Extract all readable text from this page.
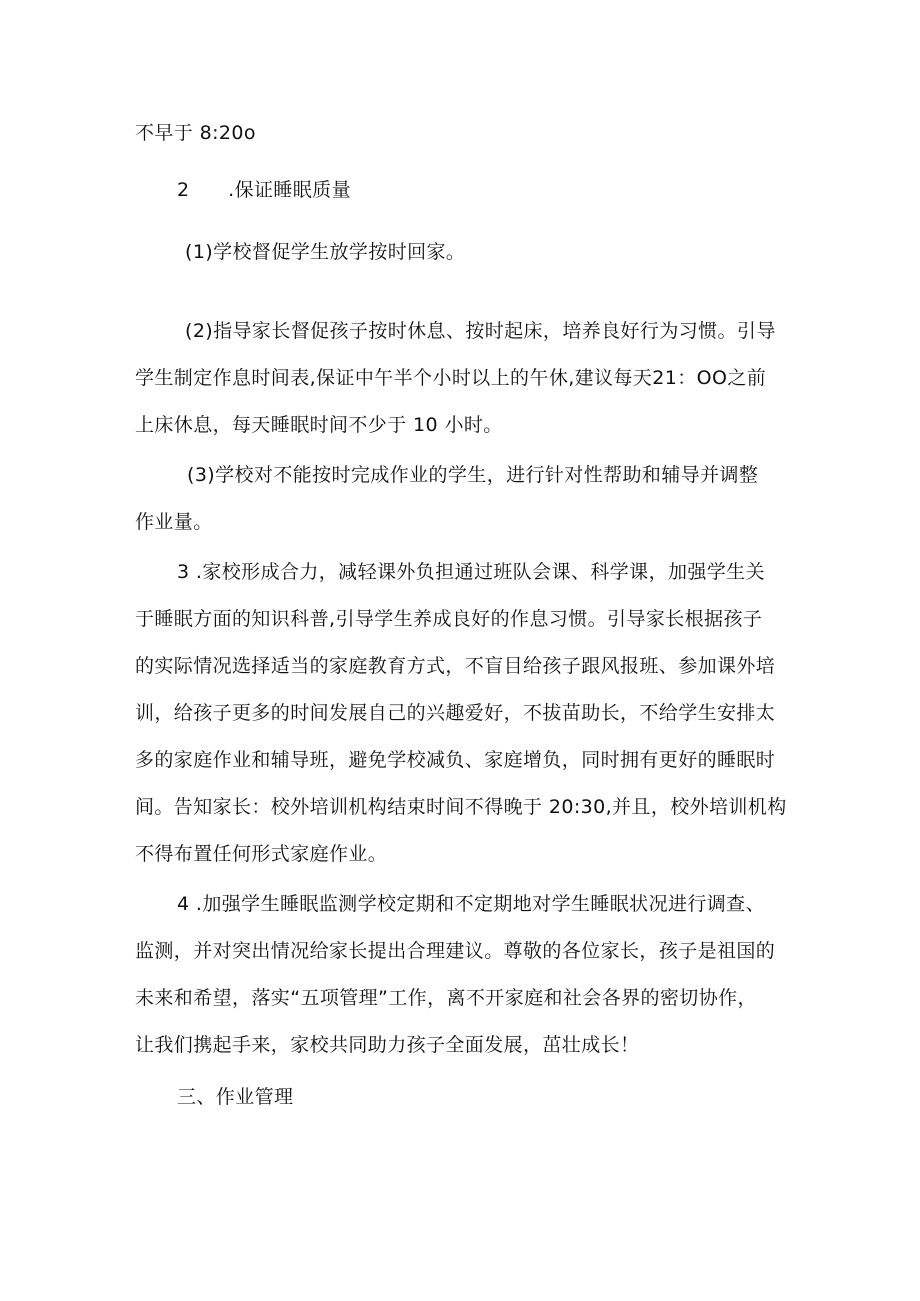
不早于 8:20o
2      .保证睡眠质量
(1)学校督促学生放学按时回家。
(2)指导家长督促孩子按时休息、按时起床，培养良好行为习惯。引导
学生制定作息时间表,保证中午半个小时以上的午休,建议每天21：OO之前
上床休息，每天睡眠时间不少于 10 小时。
(3)学校对不能按时完成作业的学生，进行针对性帮助和辅导并调整
作业量。
3 .家校形成合力，减轻课外负担通过班队会课、科学课，加强学生关
于睡眠方面的知识科普,引导学生养成良好的作息习惯。引导家长根据孩子
的实际情况选择适当的家庭教育方式，不盲目给孩子跟风报班、参加课外培
训，给孩子更多的时间发展自己的兴趣爱好，不拔苗助长，不给学生安排太
多的家庭作业和辅导班，避免学校减负、家庭增负，同时拥有更好的睡眠时
间。告知家长：校外培训机构结束时间不得晚于 20:30,并且，校外培训机构
不得布置任何形式家庭作业。
4 .加强学生睡眠监测学校定期和不定期地对学生睡眠状况进行调查、
监测，并对突出情况给家长提出合理建议。尊敬的各位家长，孩子是祖国的
未来和希望，落实“五项管理”工作，离不开家庭和社会各界的密切协作，
让我们携起手来，家校共同助力孩子全面发展，茁壮成长！
三、作业管理
